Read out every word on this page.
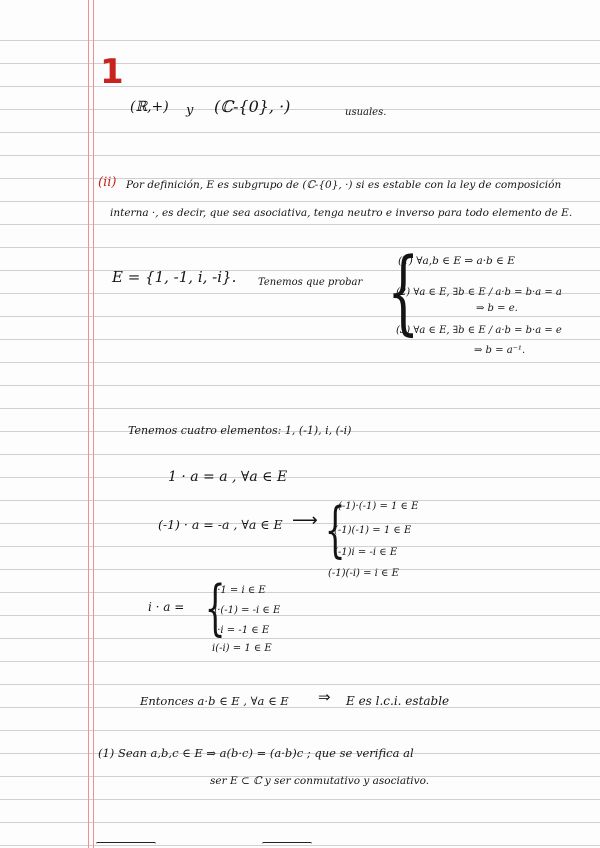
1
(ℝ,+) y (ℂ-{0}, ·)	usuales.
(ii) Por definición, E es subgrupo de (ℂ-{0}, ·) si es estable con la ley de composición
interna ·, es decir, que sea asociativa, tenga neutro e inverso para todo elemento de E.
E = {1, -1, i, -i}. Tenemos que probar {
(1) ∀a,b ∈ E ⇒ a·b ∈ E
(2) ∀a ∈ E, ∃b ∈ E / a·b = b·a = a
⇒ b = e.
(3) ∀a ∈ E, ∃b ∈ E / a·b = b·a = e
⇒ b = a⁻¹.
Tenemos cuatro elementos: 1, (-1), i, (-i)
1 · a = a , ∀a ∈ E
(-1) · a = -a , ∀a ∈ E ⟶ {
(-1)·(-1) = 1 ∈ E
(-1)(-1) = 1 ∈ E
(-1)i = -i ∈ E
(-1)(-i) = i ∈ E
i · a = {
i·1 = i ∈ E
i·(-1) = -i ∈ E
i·i = -1 ∈ E
i(-i) = 1 ∈ E
Entonces a·b ∈ E , ∀a ∈ E ⇒ E es l.c.i. estable
(1) Sean a,b,c ∈ E ⇒ a(b·c) = (a·b)c ; que se verifica al
ser E ⊂ ℂ y ser conmutativo y asociativo.
